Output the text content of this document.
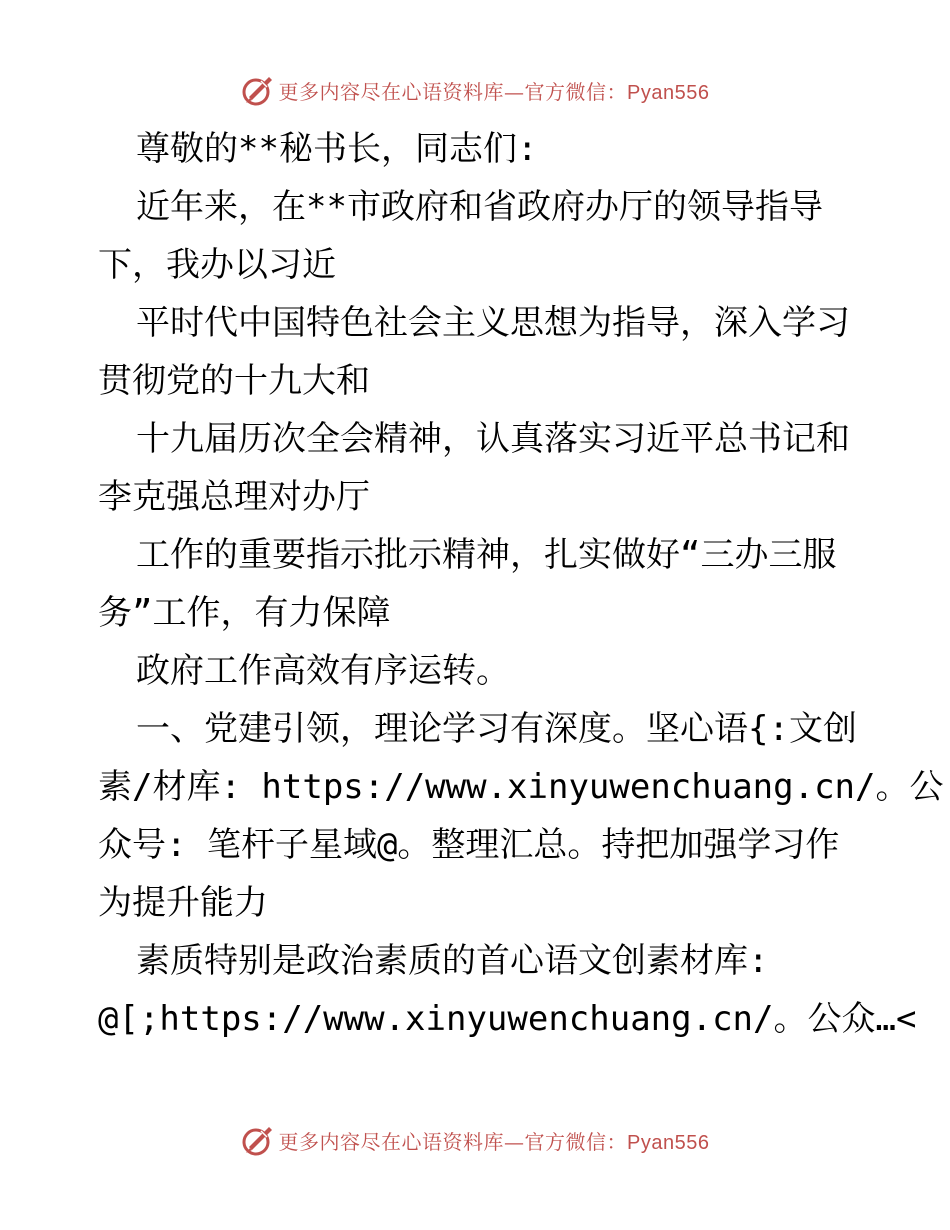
更多内容尽在心语资料库—官方微信：Pyan556
尊敬的**秘书长，同志们:
近年来，在**市政府和省政府办厅的领导指导
下，我办以习近
平时代中国特色社会主义思想为指导，深入学习
贯彻党的十九大和
十九届历次全会精神，认真落实习近平总书记和
李克强总理对办厅
工作的重要指示批示精神，扎实做好“三办三服
务”工作，有力保障
政府工作高效有序运转。
一、党建引领，理论学习有深度。坚心语{:文创
素/材库: https://www.xinyuwenchuang.cn/。公
众号: 笔杆子星域@。整理汇总。持把加强学习作
为提升能力
素质特别是政治素质的首心语文创素材库:
@[;https://www.xinyuwenchuang.cn/。公众…<
更多内容尽在心语资料库—官方微信：Pyan556
